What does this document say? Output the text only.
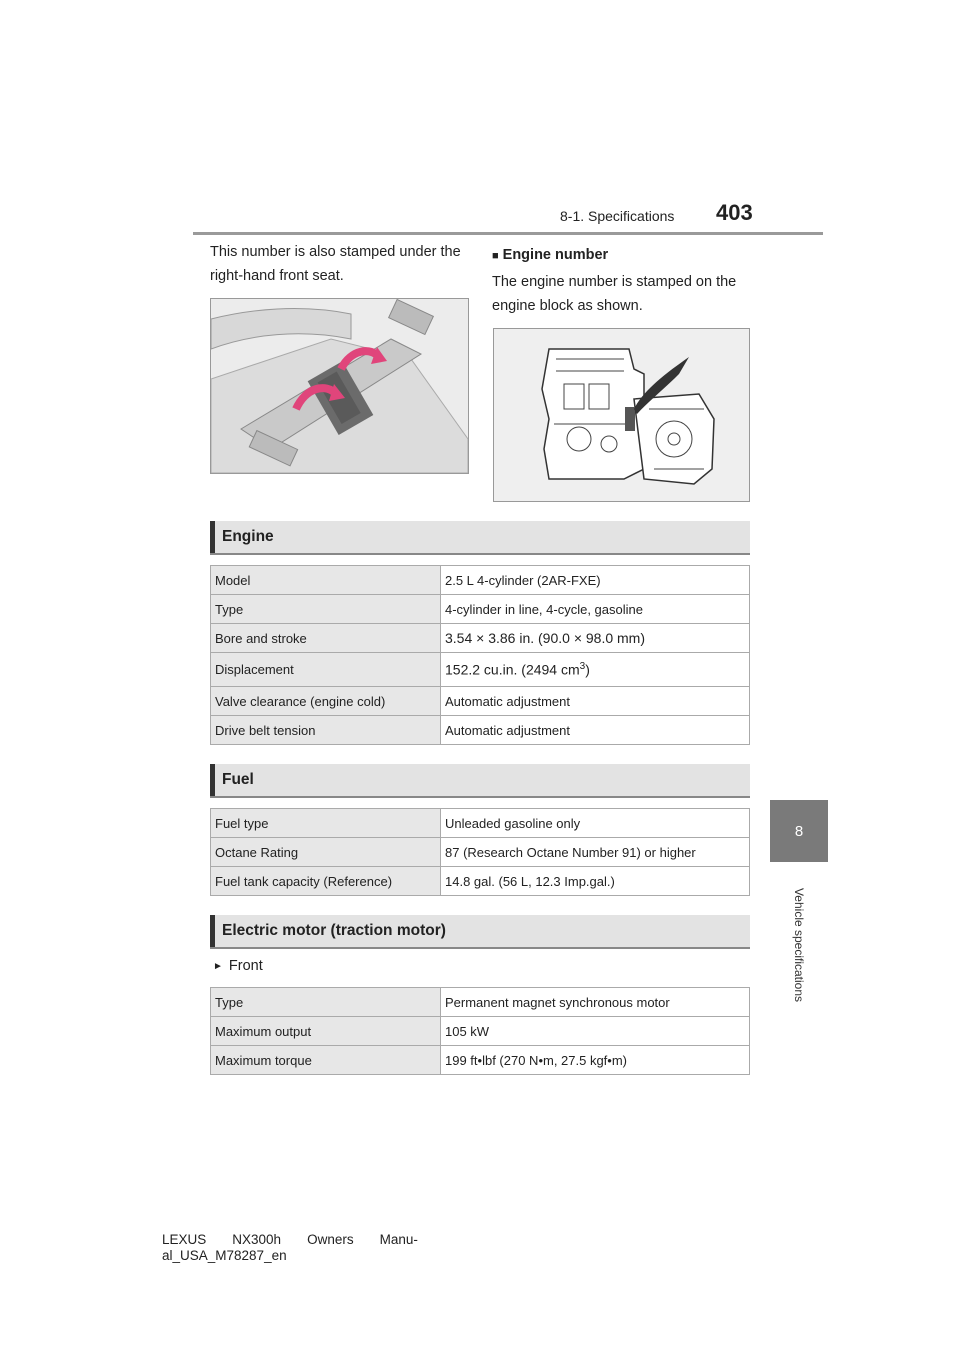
8-1. Specifications 403
8
Vehicle specifications
This number is also stamped under the right-hand front seat.
■ Engine number
The engine number is stamped on the engine block as shown.
Engine
Model	2.5 L 4-cylinder (2AR-FXE)
Type	4-cylinder in line, 4-cycle, gasoline
Bore and stroke	3.54 × 3.86 in. (90.0 × 98.0 mm)
Displacement	152.2 cu.in. (2494 $cm^3$)
Valve clearance (engine cold)	Automatic adjustment
Drive belt tension	Automatic adjustment
Fuel
Fuel type	Unleaded gasoline only
Octane Rating	87 (Research Octane Number 91) or higher
Fuel tank capacity (Reference)	14.8 gal. (56 L, 12.3 Imp.gal.)
Electric motor (traction motor)
► Front
Type	Permanent magnet synchronous motor
Maximum output	105 kW
Maximum torque	199 ft•lbf (270 N•m, 27.5 kgf•m)
LEXUS NX300h Owners Manu-
al_USA_M78287_en
